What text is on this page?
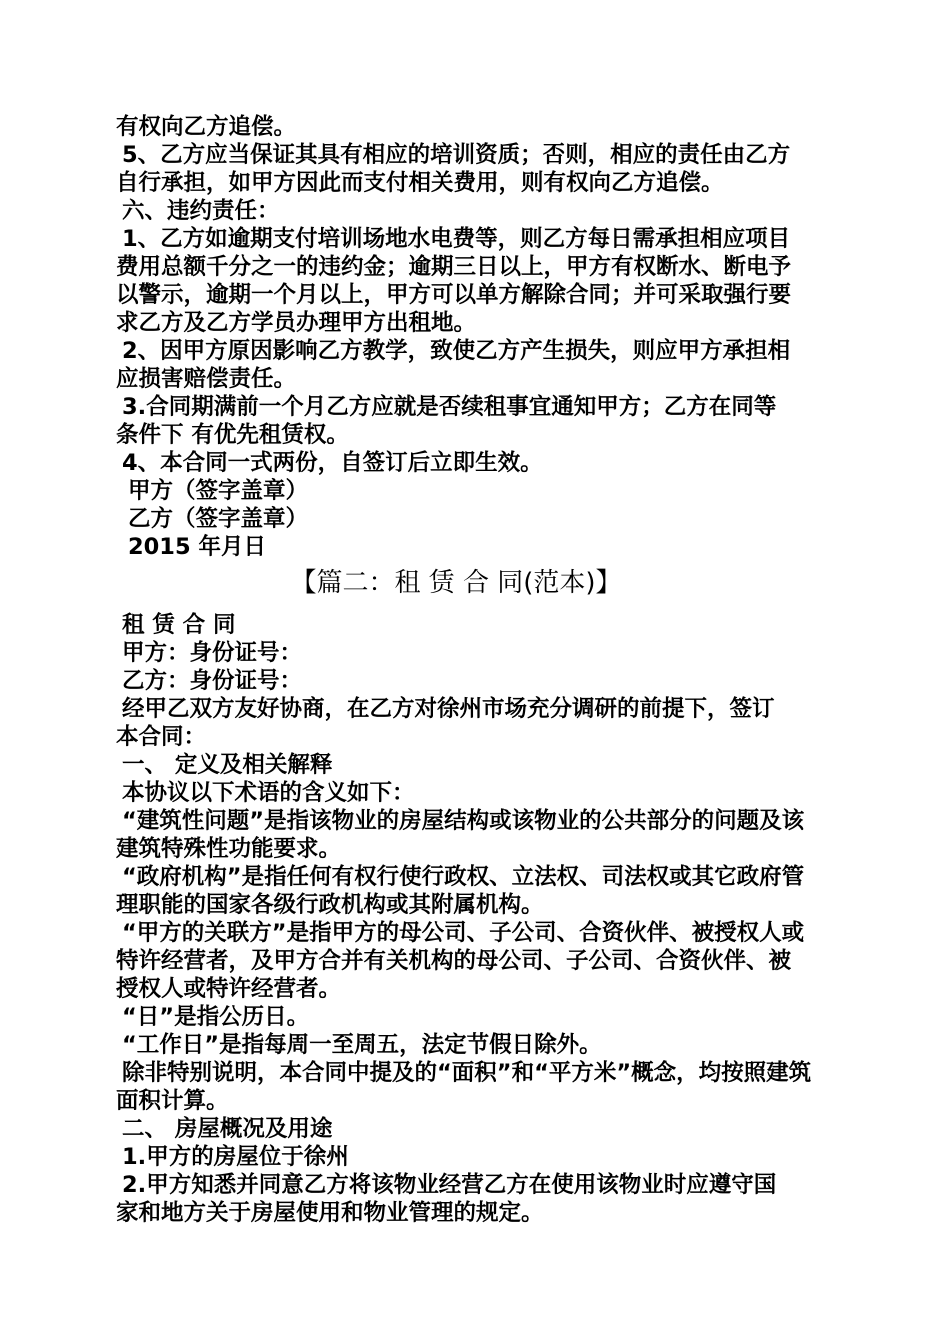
有权向乙方追偿。
5、乙方应当保证其具有相应的培训资质；否则，相应的责任由乙方
自行承担，如甲方因此而支付相关费用，则有权向乙方追偿。
六、违约责任：
1、乙方如逾期支付培训场地水电费等，则乙方每日需承担相应项目
费用总额千分之一的违约金；逾期三日以上，甲方有权断水、断电予
以警示，逾期一个月以上，甲方可以单方解除合同；并可采取强行要
求乙方及乙方学员办理甲方出租地。
2、因甲方原因影响乙方教学，致使乙方产生损失，则应甲方承担相
应损害赔偿责任。
3.合同期满前一个月乙方应就是否续租事宜通知甲方；乙方在同等
条件下 有优先租赁权。
4、本合同一式两份，自签订后立即生效。
甲方（签字盖章）
乙方（签字盖章）
2015 年月日
【篇二：租 赁 合 同(范本)】
租 赁 合 同
甲方：身份证号：
乙方：身份证号：
经甲乙双方友好协商，在乙方对徐州市场充分调研的前提下，签订
本合同：
一、 定义及相关解释
本协议以下术语的含义如下：
“建筑性问题”是指该物业的房屋结构或该物业的公共部分的问题及该
建筑特殊性功能要求。
“政府机构”是指任何有权行使行政权、立法权、司法权或其它政府管
理职能的国家各级行政机构或其附属机构。
“甲方的关联方”是指甲方的母公司、子公司、合资伙伴、被授权人或
特许经营者，及甲方合并有关机构的母公司、子公司、合资伙伴、被
授权人或特许经营者。
“日”是指公历日。
“工作日”是指每周一至周五，法定节假日除外。
除非特别说明，本合同中提及的“面积”和“平方米”概念，均按照建筑
面积计算。
二、 房屋概况及用途
1.甲方的房屋位于徐州
2.甲方知悉并同意乙方将该物业经营乙方在使用该物业时应遵守国
家和地方关于房屋使用和物业管理的规定。
